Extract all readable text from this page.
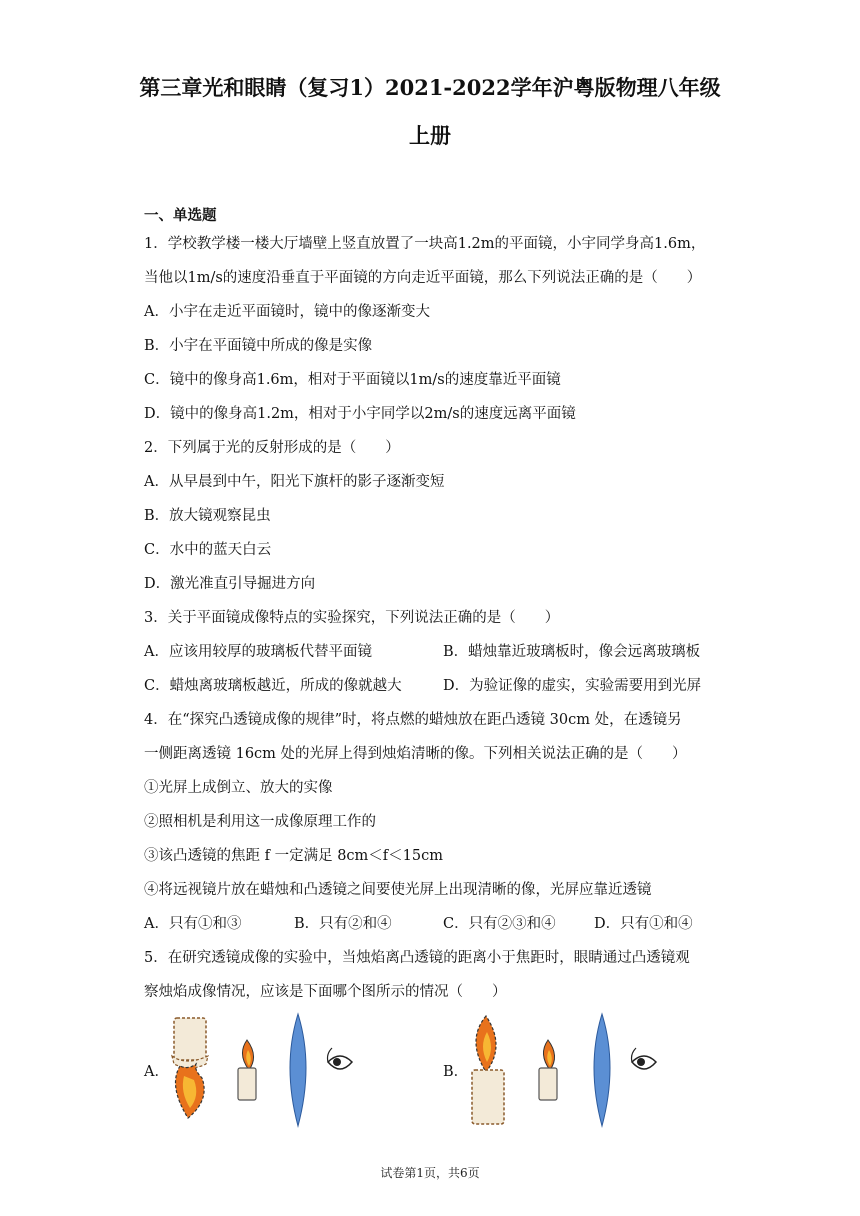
第三章光和眼睛（复习1）2021-2022学年沪粤版物理八年级
上册
一、单选题
1．学校教学楼一楼大厅墙壁上竖直放置了一块高1.2m的平面镜，小宇同学身高1.6m，
当他以1m/s的速度沿垂直于平面镜的方向走近平面镜，那么下列说法正确的是（　　）
A．小宇在走近平面镜时，镜中的像逐渐变大
B．小宇在平面镜中所成的像是实像
C．镜中的像身高1.6m，相对于平面镜以1m/s的速度靠近平面镜
D．镜中的像身高1.2m，相对于小宇同学以2m/s的速度远离平面镜
2．下列属于光的反射形成的是（　　）
A．从早晨到中午，阳光下旗杆的影子逐渐变短
B．放大镜观察昆虫
C．水中的蓝天白云
D．激光准直引导掘进方向
3．关于平面镜成像特点的实验探究，下列说法正确的是（　　）
A．应该用较厚的玻璃板代替平面镜	B．蜡烛靠近玻璃板时，像会远离玻璃板
C．蜡烛离玻璃板越近，所成的像就越大	D．为验证像的虚实，实验需要用到光屏
4．在“探究凸透镜成像的规律”时，将点燃的蜡烛放在距凸透镜 30cm 处，在透镜另
一侧距离透镜 16cm 处的光屏上得到烛焰清晰的像。下列相关说法正确的是（　　）
①光屏上成倒立、放大的实像
②照相机是利用这一成像原理工作的
③该凸透镜的焦距 f 一定满足 8cm＜f＜15cm
④将远视镜片放在蜡烛和凸透镜之间要使光屏上出现清晰的像，光屏应靠近透镜
A．只有①和③	B．只有②和④	C．只有②③和④	D．只有①和④
5．在研究透镜成像的实验中，当烛焰离凸透镜的距离小于焦距时，眼睛通过凸透镜观
察烛焰成像情况，应该是下面哪个图所示的情况（　　）
A．	B．
试卷第1页，共6页
